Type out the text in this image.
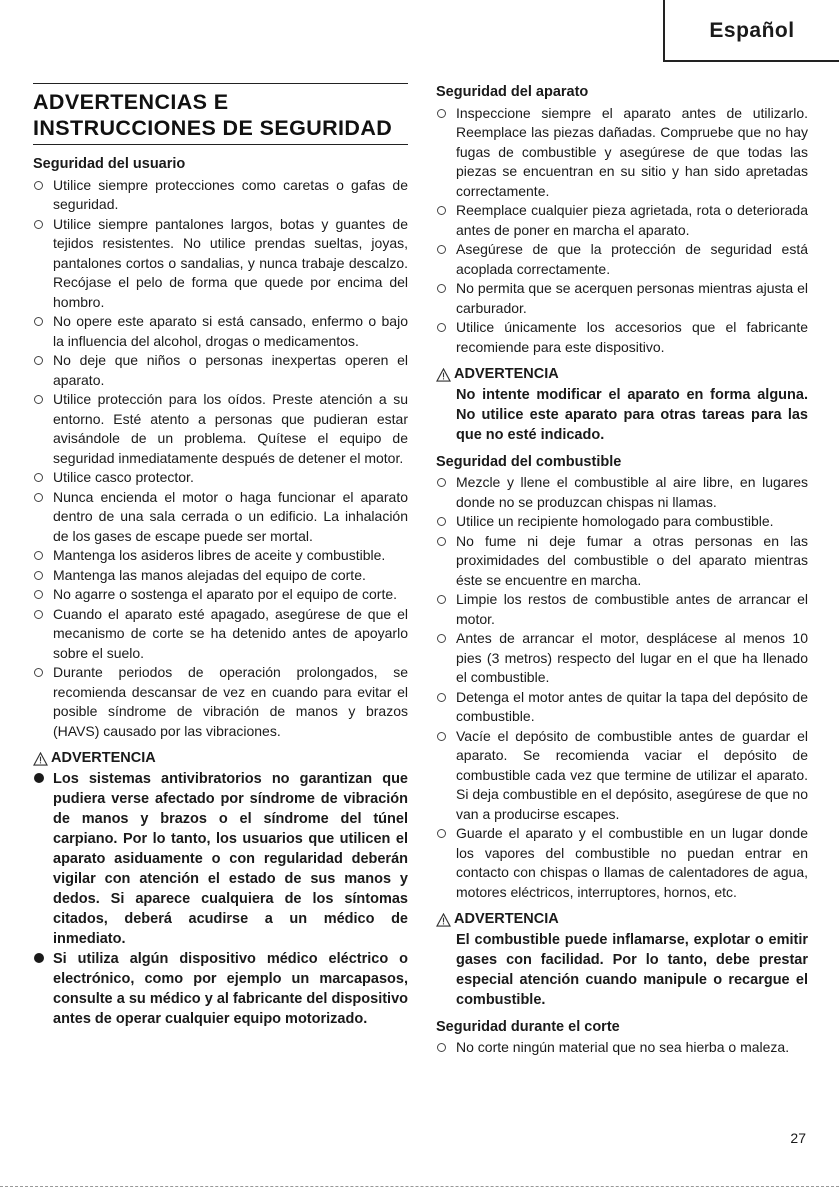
Español
ADVERTENCIAS E
INSTRUCCIONES DE SEGURIDAD
Seguridad del usuario
Utilice siempre protecciones como caretas o gafas de seguridad.
Utilice siempre pantalones largos, botas y guantes de tejidos resistentes. No utilice prendas sueltas, joyas, pantalones cortos o sandalias, y nunca trabaje descalzo. Recójase el pelo de forma que quede por encima del hombro.
No opere este aparato si está cansado, enfermo o bajo la influencia del alcohol, drogas o medicamentos.
No deje que niños o personas inexpertas operen el aparato.
Utilice protección para los oídos. Preste atención a su entorno. Esté atento a personas que pudieran estar avisándole de un problema. Quítese el equipo de seguridad inmediatamente después de detener el motor.
Utilice casco protector.
Nunca encienda el motor o haga funcionar el aparato dentro de una sala cerrada o un edificio. La inhalación de los gases de escape puede ser mortal.
Mantenga los asideros libres de aceite y combustible.
Mantenga las manos alejadas del equipo de corte.
No agarre o sostenga el aparato por el equipo de corte.
Cuando el aparato esté apagado, asegúrese de que el mecanismo de corte se ha detenido antes de apoyarlo sobre el suelo.
Durante periodos de operación prolongados, se recomienda descansar de vez en cuando para evitar el posible síndrome de vibración de manos y brazos (HAVS) causado por las vibraciones.
ADVERTENCIA
Los sistemas antivibratorios no garantizan que pudiera verse afectado por síndrome de vibración de manos y brazos o el síndrome del túnel carpiano. Por lo tanto, los usuarios que utilicen el aparato asiduamente o con regularidad deberán vigilar con atención el estado de sus manos y dedos. Si aparece cualquiera de los síntomas citados, deberá acudirse a un médico de inmediato.
Si utiliza algún dispositivo médico eléctrico o electrónico, como por ejemplo un marcapasos, consulte a su médico y al fabricante del dispositivo antes de operar cualquier equipo motorizado.
Seguridad del aparato
Inspeccione siempre el aparato antes de utilizarlo. Reemplace las piezas dañadas. Compruebe que no hay fugas de combustible y asegúrese de que todas las piezas se encuentran en su sitio y han sido apretadas correctamente.
Reemplace cualquier pieza agrietada, rota o deteriorada antes de poner en marcha el aparato.
Asegúrese de que la protección de seguridad está acoplada correctamente.
No permita que se acerquen personas mientras ajusta el carburador.
Utilice únicamente los accesorios que el fabricante recomiende para este dispositivo.
ADVERTENCIA
No intente modificar el aparato en forma alguna. No utilice este aparato para otras tareas para las que no esté indicado.
Seguridad del combustible
Mezcle y llene el combustible al aire libre, en lugares donde no se produzcan chispas ni llamas.
Utilice un recipiente homologado para combustible.
No fume ni deje fumar a otras personas en las proximidades del combustible o del aparato mientras éste se encuentre en marcha.
Limpie los restos de combustible antes de arrancar el motor.
Antes de arrancar el motor, desplácese al menos 10 pies (3 metros) respecto del lugar en el que ha llenado el combustible.
Detenga el motor antes de quitar la tapa del depósito de combustible.
Vacíe el depósito de combustible antes de guardar el aparato. Se recomienda vaciar el depósito de combustible cada vez que termine de utilizar el aparato. Si deja combustible en el depósito, asegúrese de que no van a producirse escapes.
Guarde el aparato y el combustible en un lugar donde los vapores del combustible no puedan entrar en contacto con chispas o llamas de calentadores de agua, motores eléctricos, interruptores, hornos, etc.
ADVERTENCIA
El combustible puede inflamarse, explotar o emitir gases con facilidad. Por lo tanto, debe prestar especial atención cuando manipule o recargue el combustible.
Seguridad durante el corte
No corte ningún material que no sea hierba o maleza.
27
